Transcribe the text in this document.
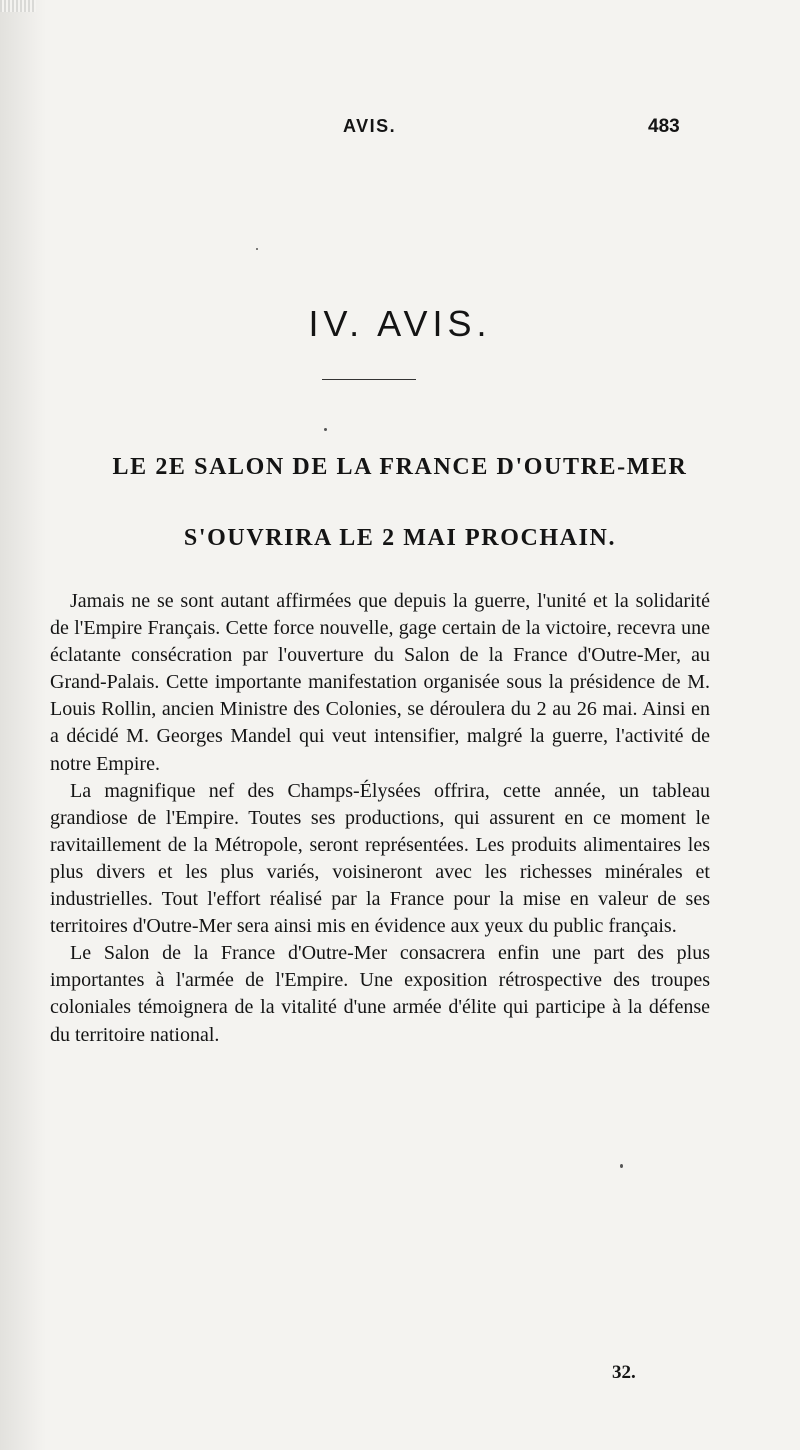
AVIS.	483
IV. AVIS.
LE 2E SALON DE LA FRANCE D'OUTRE-MER
S'OUVRIRA LE 2 MAI PROCHAIN.

Jamais ne se sont autant affirmées que depuis la guerre, l'unité et la solidarité de l'Empire Français. Cette force nouvelle, gage certain de la victoire, recevra une éclatante consécration par l'ouverture du Salon de la France d'Outre-Mer, au Grand-Palais. Cette importante manifestation organisée sous la présidence de M. Louis Rollin, ancien Ministre des Colonies, se déroulera du 2 au 26 mai. Ainsi en a décidé M. Georges Mandel qui veut intensifier, malgré la guerre, l'activité de notre Empire.

La magnifique nef des Champs-Élysées offrira, cette année, un tableau grandiose de l'Empire. Toutes ses productions, qui assurent en ce moment le ravitaillement de la Métropole, seront représentées. Les produits alimentaires les plus divers et les plus variés, voisineront avec les richesses minérales et industrielles. Tout l'effort réalisé par la France pour la mise en valeur de ses territoires d'Outre-Mer sera ainsi mis en évidence aux yeux du public français.

Le Salon de la France d'Outre-Mer consacrera enfin une part des plus importantes à l'armée de l'Empire. Une exposition rétrospective des troupes coloniales témoignera de la vitalité d'une armée d'élite qui participe à la défense du territoire national.

32.
